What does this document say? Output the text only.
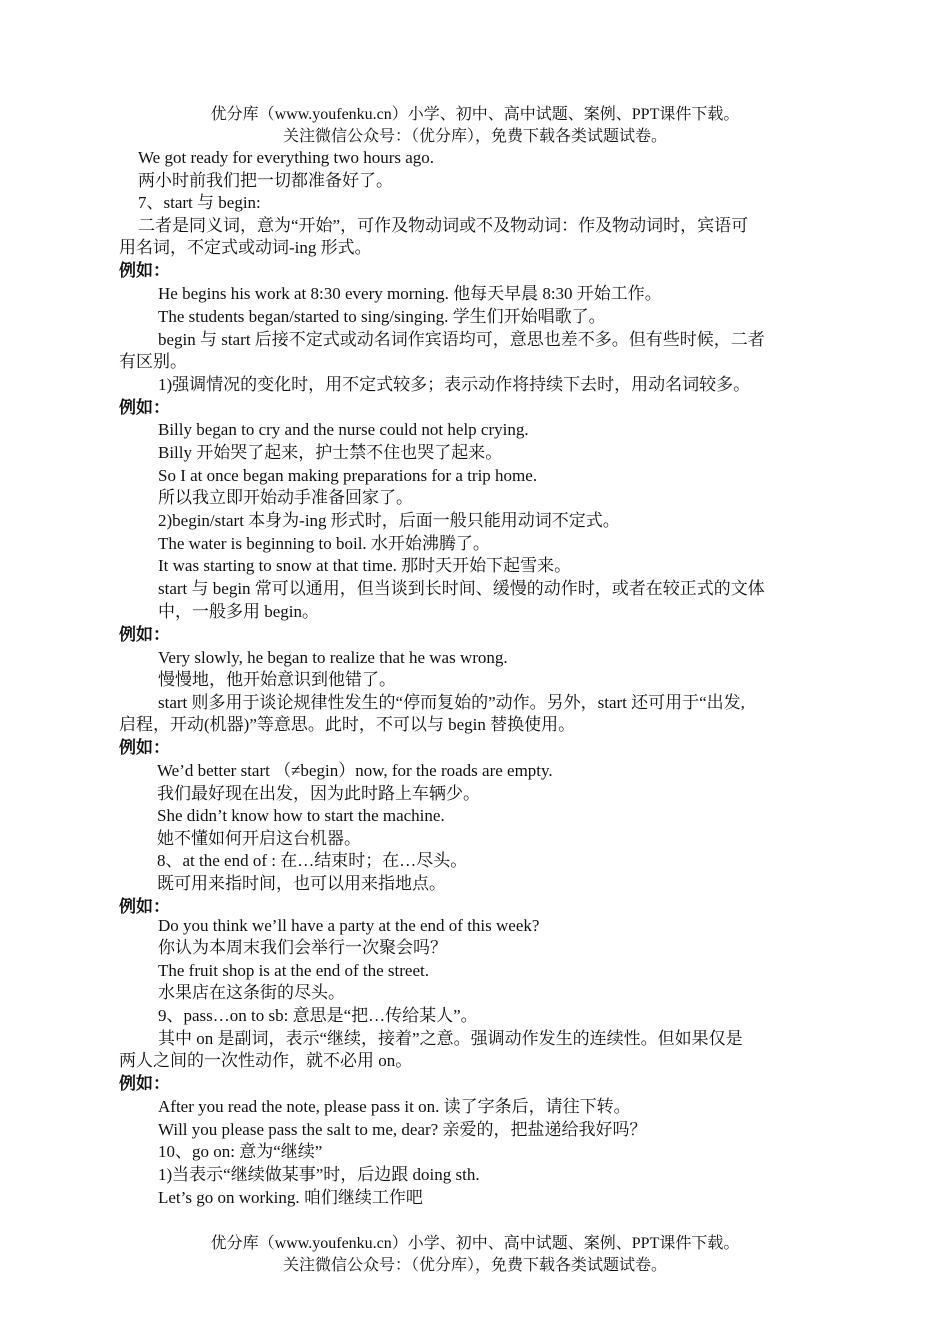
优分库（www.youfenku.cn）小学、初中、高中试题、案例、PPT课件下载。
关注微信公众号：（优分库），免费下载各类试题试卷。
We got ready for everything two hours ago.
两小时前我们把一切都准备好了。
7、start 与 begin:
二者是同义词，意为“开始”，可作及物动词或不及物动词：作及物动词时，宾语可
用名词，不定式或动词-ing 形式。
例如：
He begins his work at 8:30 every morning. 他每天早晨 8:30 开始工作。
The students began/started to sing/singing. 学生们开始唱歌了。
begin 与 start 后接不定式或动名词作宾语均可，意思也差不多。但有些时候，二者
有区别。
1)强调情况的变化时，用不定式较多；表示动作将持续下去时，用动名词较多。
例如：
Billy began to cry and the nurse could not help crying.
Billy 开始哭了起来，护士禁不住也哭了起来。
So I at once began making preparations for a trip home.
所以我立即开始动手准备回家了。
2)begin/start 本身为-ing 形式时，后面一般只能用动词不定式。
The water is beginning to boil. 水开始沸腾了。
It was starting to snow at that time. 那时天开始下起雪来。
start 与 begin 常可以通用，但当谈到长时间、缓慢的动作时，或者在较正式的文体
中，一般多用 begin。
例如：
Very slowly, he began to realize that he was wrong.
慢慢地，他开始意识到他错了。
start 则多用于谈论规律性发生的“停而复始的”动作。另外，start 还可用于“出发,
启程，开动(机器)”等意思。此时，不可以与 begin 替换使用。
例如：
We’d better start （≠begin）now, for the roads are empty.
我们最好现在出发，因为此时路上车辆少。
She didn’t know how to start the machine.
她不懂如何开启这台机器。
8、at the end of : 在…结束时；在…尽头。
既可用来指时间，也可以用来指地点。
例如：
Do you think we’ll have a party at the end of this week?
你认为本周末我们会举行一次聚会吗？
The fruit shop is at the end of the street.
水果店在这条街的尽头。
9、pass…on to sb: 意思是“把…传给某人”。
其中 on 是副词，表示“继续，接着”之意。强调动作发生的连续性。但如果仅是
两人之间的一次性动作，就不必用 on。
例如：
After you read the note, please pass it on. 读了字条后，请往下转。
Will you please pass the salt to me, dear? 亲爱的，把盐递给我好吗？
10、go on: 意为“继续”
1)当表示“继续做某事”时，后边跟 doing sth.
Let’s go on working. 咱们继续工作吧
优分库（www.youfenku.cn）小学、初中、高中试题、案例、PPT课件下载。
关注微信公众号：（优分库），免费下载各类试题试卷。
